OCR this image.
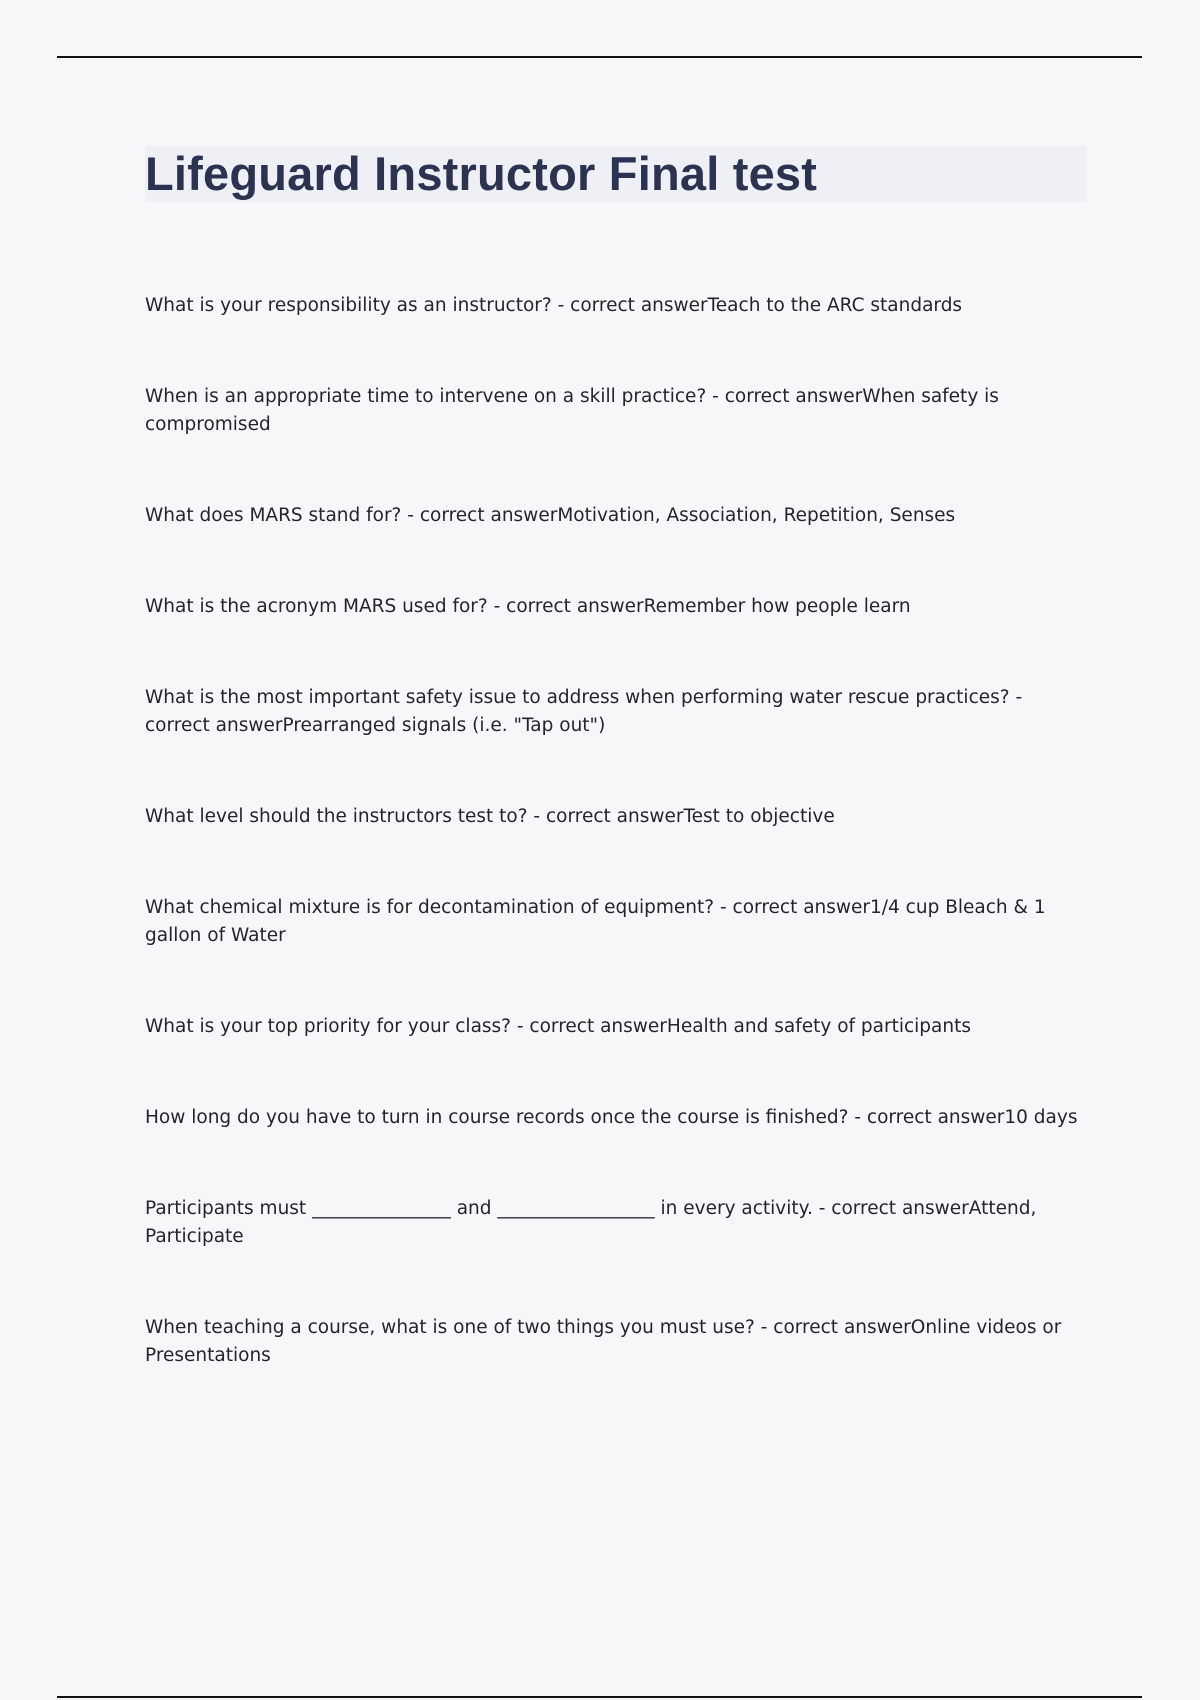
Lifeguard Instructor Final test

What is your responsibility as an instructor? - correct answerTeach to the ARC standards

When is an appropriate time to intervene on a skill practice? - correct answerWhen safety is compromised

What does MARS stand for? - correct answerMotivation, Association, Repetition, Senses

What is the acronym MARS used for? - correct answerRemember how people learn

What is the most important safety issue to address when performing water rescue practices? - correct answerPrearranged signals (i.e. "Tap out")

What level should the instructors test to? - correct answerTest to objective

What chemical mixture is for decontamination of equipment? - correct answer1/4 cup Bleach & 1 gallon of Water

What is your top priority for your class? - correct answerHealth and safety of participants

How long do you have to turn in course records once the course is finished? - correct answer10 days

Participants must _______________ and _________________ in every activity. - correct answerAttend, Participate

When teaching a course, what is one of two things you must use? - correct answerOnline videos or Presentations
